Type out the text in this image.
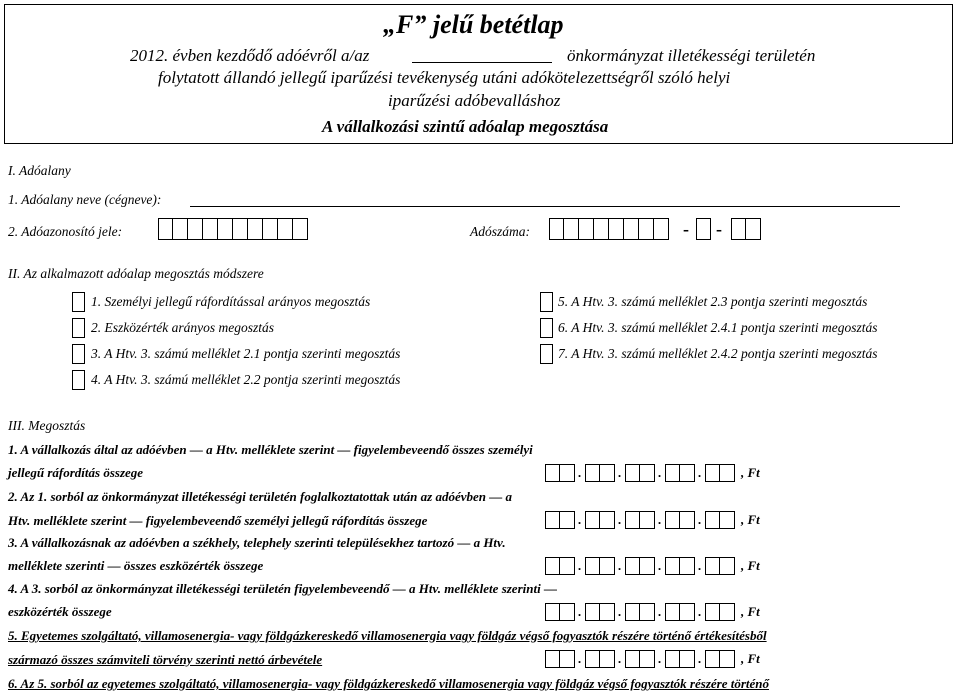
„F” jelű betétlap
2012. évben kezdődő adóévről a/az	önkormányzat illetékességi területén
folytatott állandó jellegű iparűzési tevékenység utáni adókötelezettségről szóló helyi
iparűzési adóbevalláshoz
A vállalkozási szintű adóalap megosztása
I. Adóalany
1. Adóalany neve (cégneve):
2. Adóazonosító jele:	Adószáma:	- -
II. Az alkalmazott adóalap megosztás módszere
1. Személyi jellegű ráfordítással arányos megosztás
2. Eszközérték arányos megosztás
3. A Htv. 3. számú melléklet 2.1 pontja szerinti megosztás
4. A Htv. 3. számú melléklet 2.2 pontja szerinti megosztás
5. A Htv. 3. számú melléklet 2.3 pontja szerinti megosztás
6. A Htv. 3. számú melléklet 2.4.1 pontja szerinti megosztás
7. A Htv. 3. számú melléklet 2.4.2 pontja szerinti megosztás
III. Megosztás
1. A vállalkozás által az adóévben — a Htv. melléklete szerint — figyelembeveendő összes személyi
jellegű ráfordítás összege	.	.	.	.	, Ft
2. Az 1. sorból az önkormányzat illetékességi területén foglalkoztatottak után az adóévben — a
Htv. melléklete szerint — figyelembeveendő személyi jellegű ráfordítás összege	.	.	.	.	, Ft
3. A vállalkozásnak az adóévben a székhely, telephely szerinti településekhez tartozó — a Htv.
melléklete szerinti — összes eszközérték összege	.	.	.	.	, Ft
4. A 3. sorból az önkormányzat illetékességi területén figyelembeveendő — a Htv. melléklete szerinti —
eszközérték összege	.	.	.	.	, Ft
5. Egyetemes szolgáltató, villamosenergia- vagy földgázkereskedő villamosenergia vagy földgáz végső fogyasztók részére történő értékesítésből
származó összes számviteli törvény szerinti nettó árbevétele	.	.	.	.	, Ft
6. Az 5. sorból az egyetemes szolgáltató, villamosenergia- vagy földgázkereskedő villamosenergia vagy földgáz végső fogyasztók részére történő
